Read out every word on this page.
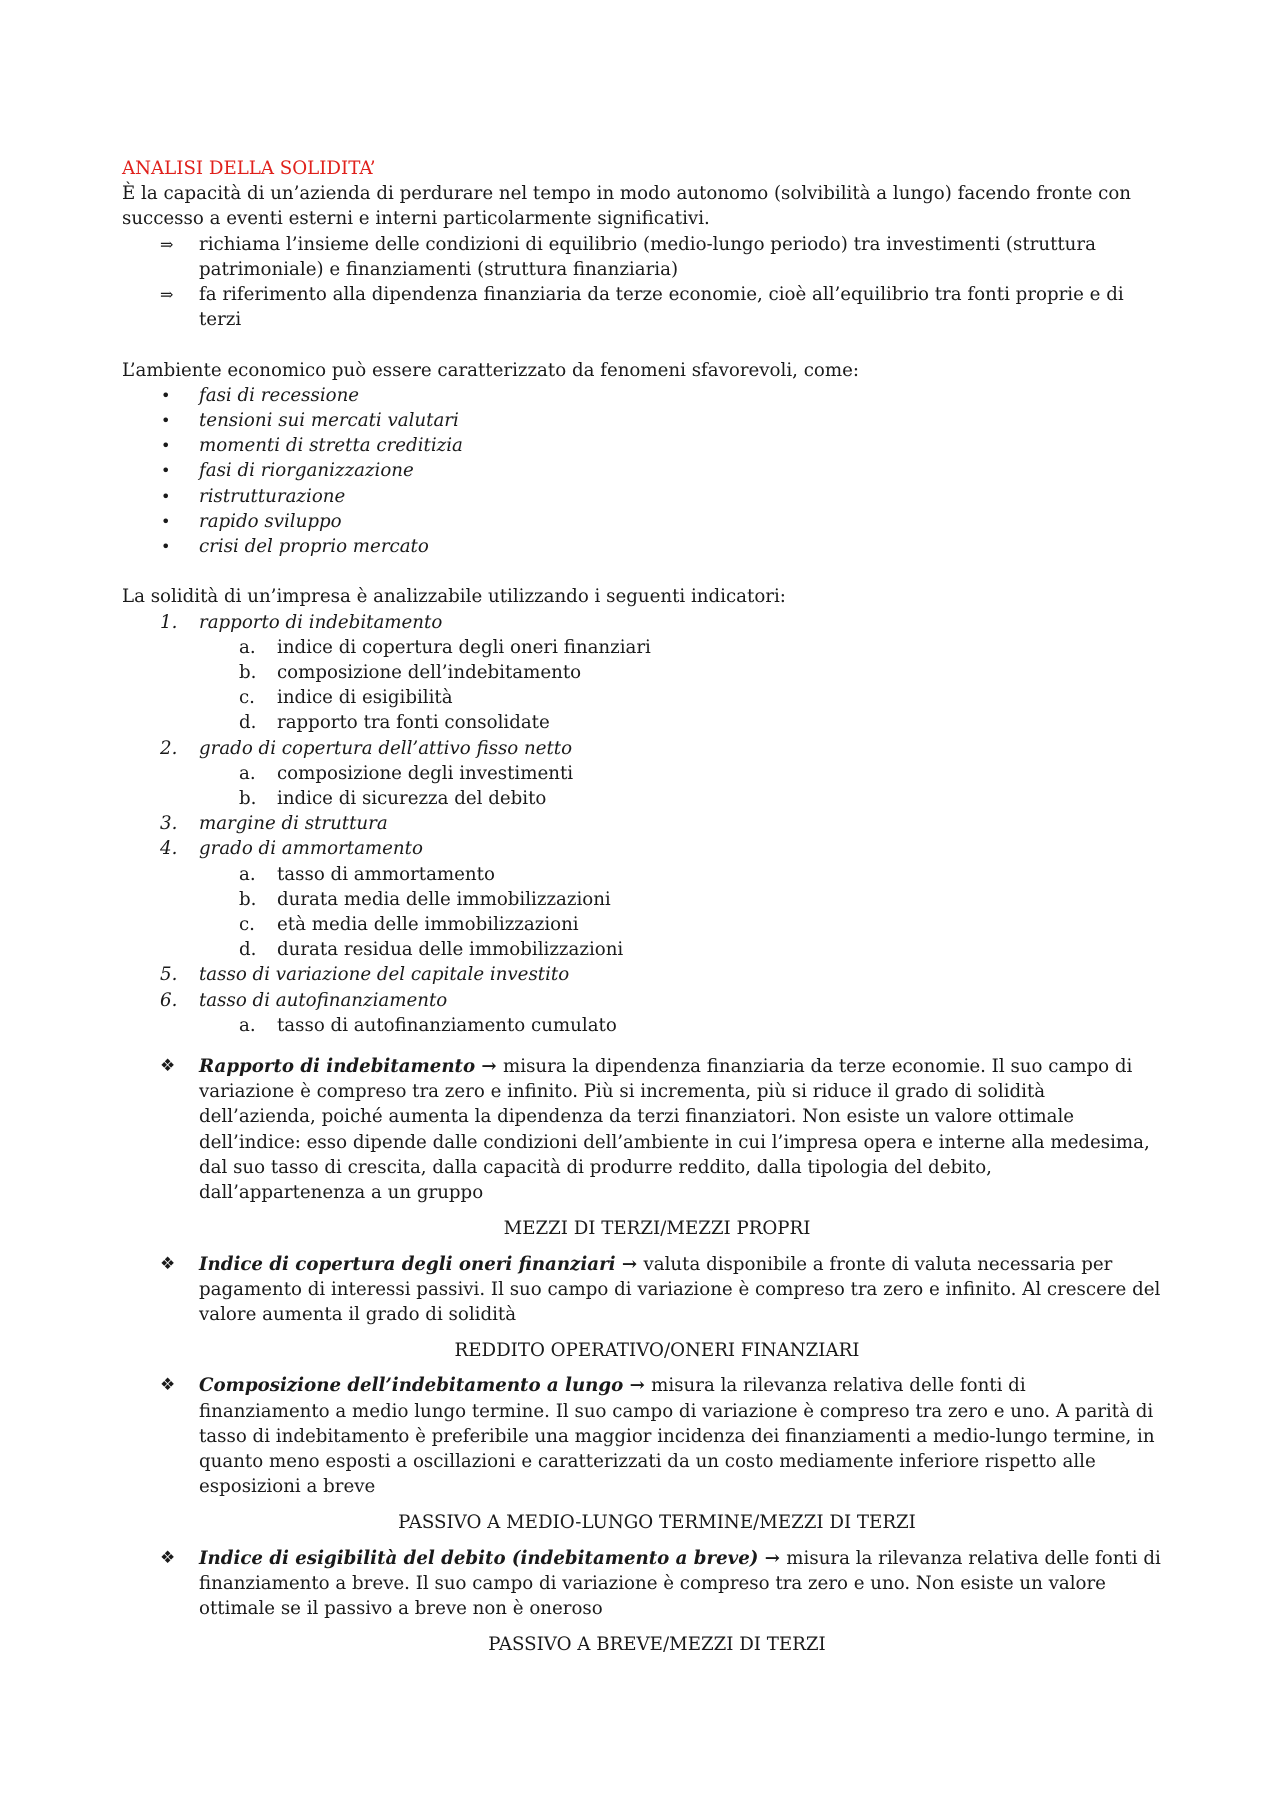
ANALISI DELLA SOLIDITA’

È la capacità di un’azienda di perdurare nel tempo in modo autonomo (solvibilità a lungo) facendo fronte con successo a eventi esterni e interni particolarmente significativi.

⇒	richiama l’insieme delle condizioni di equilibrio (medio-lungo periodo) tra investimenti (struttura patrimoniale) e finanziamenti (struttura finanziaria)
⇒	fa riferimento alla dipendenza finanziaria da terze economie, cioè all’equilibrio tra fonti proprie e di terzi

L’ambiente economico può essere caratterizzato da fenomeni sfavorevoli, come:

•	fasi di recessione
•	tensioni sui mercati valutari
•	momenti di stretta creditizia
•	fasi di riorganizzazione
•	ristrutturazione
•	rapido sviluppo
•	crisi del proprio mercato

La solidità di un’impresa è analizzabile utilizzando i seguenti indicatori:

1.	rapporto di indebitamento
a.	indice di copertura degli oneri finanziari
b.	composizione dell’indebitamento
c.	indice di esigibilità
d.	rapporto tra fonti consolidate
2.	grado di copertura dell’attivo fisso netto
a.	composizione degli investimenti
b.	indice di sicurezza del debito
3.	margine di struttura
4.	grado di ammortamento
a.	tasso di ammortamento
b.	durata media delle immobilizzazioni
c.	età media delle immobilizzazioni
d.	durata residua delle immobilizzazioni
5.	tasso di variazione del capitale investito
6.	tasso di autofinanziamento
a.	tasso di autofinanziamento cumulato
❖	Rapporto di indebitamento → misura la dipendenza finanziaria da terze economie. Il suo campo di variazione è compreso tra zero e infinito. Più si incrementa, più si riduce il grado di solidità dell’azienda, poiché aumenta la dipendenza da terzi finanziatori. Non esiste un valore ottimale dell’indice: esso dipende dalle condizioni dell’ambiente in cui l’impresa opera e interne alla medesima, dal suo tasso di crescita, dalla capacità di produrre reddito, dalla tipologia del debito, dall’appartenenza a un gruppo

MEZZI DI TERZI/MEZZI PROPRI

❖	Indice di copertura degli oneri finanziari → valuta disponibile a fronte di valuta necessaria per pagamento di interessi passivi. Il suo campo di variazione è compreso tra zero e infinito. Al crescere del valore aumenta il grado di solidità

REDDITO OPERATIVO/ONERI FINANZIARI

❖	Composizione dell’indebitamento a lungo → misura la rilevanza relativa delle fonti di finanziamento a medio lungo termine. Il suo campo di variazione è compreso tra zero e uno. A parità di tasso di indebitamento è preferibile una maggior incidenza dei finanziamenti a medio-lungo termine, in quanto meno esposti a oscillazioni e caratterizzati da un costo mediamente inferiore rispetto alle esposizioni a breve

PASSIVO A MEDIO-LUNGO TERMINE/MEZZI DI TERZI

❖	Indice di esigibilità del debito (indebitamento a breve) → misura la rilevanza relativa delle fonti di finanziamento a breve. Il suo campo di variazione è compreso tra zero e uno. Non esiste un valore ottimale se il passivo a breve non è oneroso

PASSIVO A BREVE/MEZZI DI TERZI
